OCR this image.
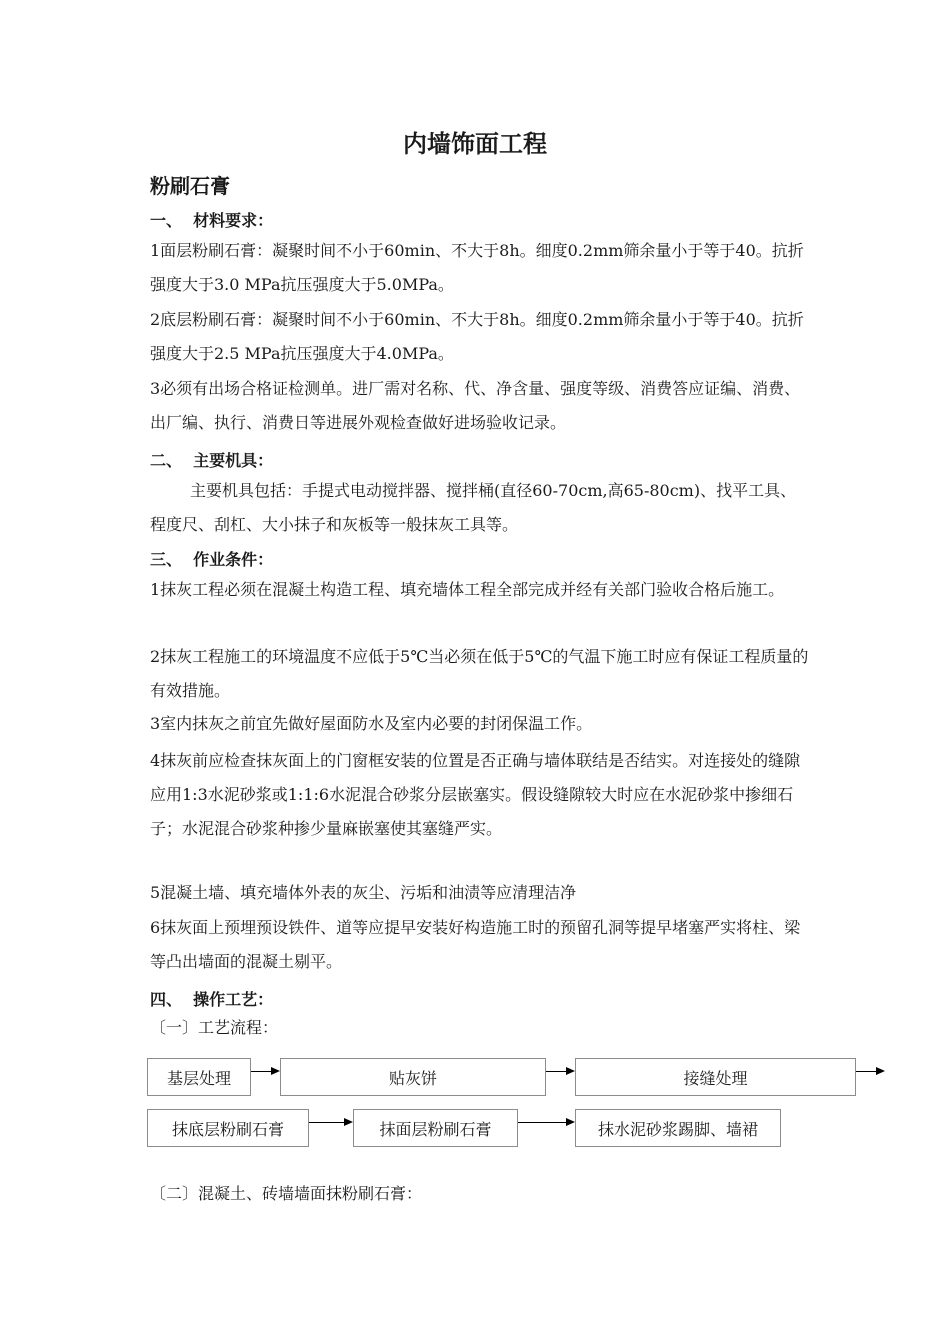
内墙饰面工程
粉刷石膏
一、  材料要求：
1面层粉刷石膏：凝聚时间不小于60min、不大于8h。细度0.2mm筛余量小于等于40。抗折强度大于3.0 MPa抗压强度大于5.0MPa。
2底层粉刷石膏：凝聚时间不小于60min、不大于8h。细度0.2mm筛余量小于等于40。抗折强度大于2.5 MPa抗压强度大于4.0MPa。
3必须有出场合格证检测单。进厂需对名称、代、净含量、强度等级、消费答应证编、消费、出厂编、执行、消费日等进展外观检查做好进场验收记录。
二、  主要机具：
主要机具包括：手提式电动搅拌器、搅拌桶(直径60-70cm,高65-80cm)、找平工具、程度尺、刮杠、大小抹子和灰板等一般抹灰工具等。
三、  作业条件：
1抹灰工程必须在混凝土构造工程、填充墙体工程全部完成并经有关部门验收合格后施工。
2抹灰工程施工的环境温度不应低于5℃当必须在低于5℃的气温下施工时应有保证工程质量的有效措施。
3室内抹灰之前宜先做好屋面防水及室内必要的封闭保温工作。
4抹灰前应检查抹灰面上的门窗框安装的位置是否正确与墙体联结是否结实。对连接处的缝隙应用1:3水泥砂浆或1:1:6水泥混合砂浆分层嵌塞实。假设缝隙较大时应在水泥砂浆中掺细石子；水泥混合砂浆种掺少量麻嵌塞使其塞缝严实。
5混凝土墙、填充墙体外表的灰尘、污垢和油渍等应清理洁净
6抹灰面上预埋预设铁件、道等应提早安装好构造施工时的预留孔洞等提早堵塞严实将柱、梁等凸出墙面的混凝土剔平。
四、  操作工艺：
〔一〕工艺流程：
基层处理	贴灰饼	接缝处理
抹底层粉刷石膏	抹面层粉刷石膏	抹水泥砂浆踢脚、墙裙
〔二〕混凝土、砖墙墙面抹粉刷石膏：
